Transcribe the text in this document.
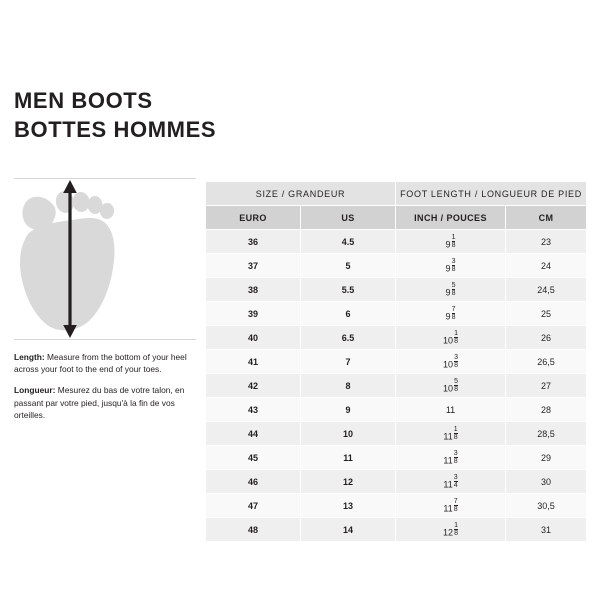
MEN BOOTS
BOTTES HOMMES
Length: Measure from the bottom of your heel across your foot to the end of your toes.
Longueur: Mesurez du bas de votre talon, en passant par votre pied, jusqu'à la fin de vos orteilles.
SIZE / GRANDEUR		FOOT LENGTH / LONGUEUR DE PIED	
EURO	US	INCH / POUCES	CM
36	4.5	$9 \frac{1}{8}$	23
37	5	$9 \frac{3}{8}$	24
38	5.5	$9 \frac{5}{8}$	24,5
39	6	$9 \frac{7}{8}$	25
40	6.5	$10 \frac{1}{8}$	26
41	7	$10 \frac{3}{8}$	26,5
42	8	$10 \frac{5}{8}$	27
43	9	11	28
44	10	$11 \frac{1}{8}$	28,5
45	11	$11 \frac{3}{8}$	29
46	12	$11 \frac{3}{4}$	30
47	13	$11 \frac{7}{8}$	30,5
48	14	$12 \frac{1}{8}$	31
